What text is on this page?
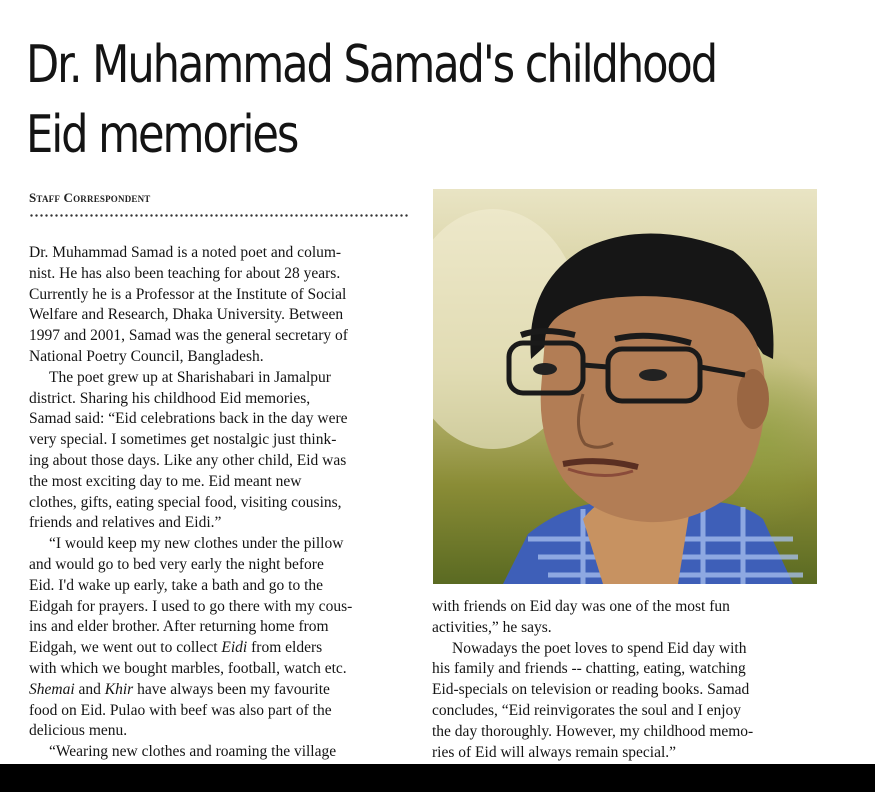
Dr. Muhammad Samad's childhood
Eid memories
Staff Correspondent
Dr. Muhammad Samad is a noted poet and colum-
nist. He has also been teaching for about 28 years.
Currently he is a Professor at the Institute of Social
Welfare and Research, Dhaka University. Between
1997 and 2001, Samad was the general secretary of
National Poetry Council, Bangladesh.
The poet grew up at Sharishabari in Jamalpur
district. Sharing his childhood Eid memories,
Samad said: “Eid celebrations back in the day were
very special. I sometimes get nostalgic just think-
ing about those days. Like any other child, Eid was
the most exciting day to me. Eid meant new
clothes, gifts, eating special food, visiting cousins,
friends and relatives and Eidi.”
“I would keep my new clothes under the pillow
and would go to bed very early the night before
Eid. I'd wake up early, take a bath and go to the
Eidgah for prayers. I used to go there with my cous-
ins and elder brother. After returning home from
Eidgah, we went out to collect Eidi from elders
with which we bought marbles, football, watch etc.
Shemai and Khir have always been my favourite
food on Eid. Pulao with beef was also part of the
delicious menu.
“Wearing new clothes and roaming the village
with friends on Eid day was one of the most fun
activities,” he says.
Nowadays the poet loves to spend Eid day with
his family and friends -- chatting, eating, watching
Eid-specials on television or reading books. Samad
concludes, “Eid reinvigorates the soul and I enjoy
the day thoroughly. However, my childhood memo-
ries of Eid will always remain special.”
